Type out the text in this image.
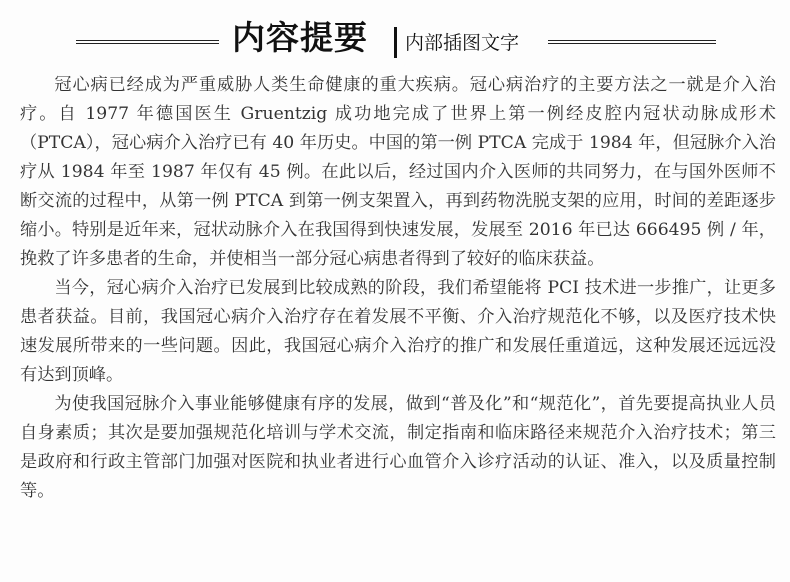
内容提要 内部插图文字

冠心病已经成为严重威胁人类生命健康的重大疾病。冠心病治疗的主要方法之一就是介入治疗。自 1977 年德国医生 Gruentzig 成功地完成了世界上第一例经皮腔内冠状动脉成形术（PTCA），冠心病介入治疗已有 40 年历史。中国的第一例 PTCA 完成于 1984 年，但冠脉介入治疗从 1984 年至 1987 年仅有 45 例。在此以后，经过国内介入医师的共同努力，在与国外医师不断交流的过程中，从第一例 PTCA 到第一例支架置入，再到药物洗脱支架的应用，时间的差距逐步缩小。特别是近年来，冠状动脉介入在我国得到快速发展，发展至 2016 年已达 666495 例 / 年，挽救了许多患者的生命，并使相当一部分冠心病患者得到了较好的临床获益。

当今，冠心病介入治疗已发展到比较成熟的阶段，我们希望能将 PCI 技术进一步推广，让更多患者获益。目前，我国冠心病介入治疗存在着发展不平衡、介入治疗规范化不够，以及医疗技术快速发展所带来的一些问题。因此，我国冠心病介入治疗的推广和发展任重道远，这种发展还远远没有达到顶峰。

为使我国冠脉介入事业能够健康有序的发展，做到“普及化”和“规范化”，首先要提高执业人员自身素质；其次是要加强规范化培训与学术交流，制定指南和临床路径来规范介入治疗技术；第三是政府和行政主管部门加强对医院和执业者进行心血管介入诊疗活动的认证、准入，以及质量控制等。
